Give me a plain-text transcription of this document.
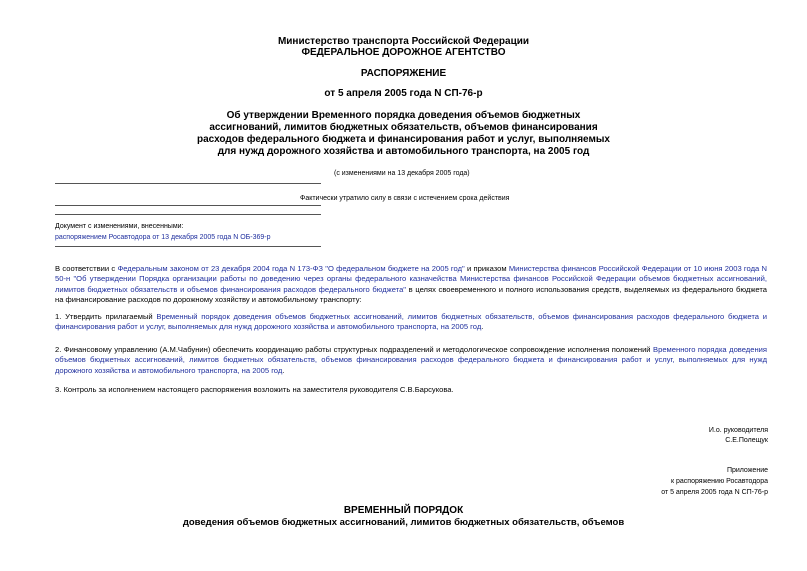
Министерство транспорта Российской Федерации
ФЕДЕРАЛЬНОЕ ДОРОЖНОЕ АГЕНТСТВО
РАСПОРЯЖЕНИЕ
от 5 апреля 2005 года N СП-76-р
Об утверждении Временного порядка доведения объемов бюджетных
ассигнований, лимитов бюджетных обязательств, объемов финансирования
расходов федерального бюджета и финансирования работ и услуг, выполняемых
для нужд дорожного хозяйства и автомобильного транспорта, на 2005 год
(с изменениями на 13 декабря 2005 года)
Фактически утратило силу в связи с истечением срока действия
Документ с изменениями, внесенными:
распоряжением Росавтодора от 13 декабря 2005 года N ОБ-369-р
В соответствии с Федеральным законом от 23 декабря 2004 года N 173-ФЗ "О федеральном бюджете на 2005 год" и приказом Министерства финансов Российской Федерации от 10 июня 2003 года N 50-н "Об утверждении Порядка организации работы по доведению через органы федерального казначейства Министерства финансов Российской Федерации объемов бюджетных ассигнований, лимитов бюджетных обязательств и объемов финансирования расходов федерального бюджета" в целях своевременного и полного использования средств, выделяемых из федерального бюджета на финансирование расходов по дорожному хозяйству и автомобильному транспорту:
1. Утвердить прилагаемый Временный порядок доведения объемов бюджетных ассигнований, лимитов бюджетных обязательств, объемов финансирования расходов федерального бюджета и финансирования работ и услуг, выполняемых для нужд дорожного хозяйства и автомобильного транспорта, на 2005 год.
2. Финансовому управлению (А.М.Чабунин) обеспечить координацию работы структурных подразделений и методологическое сопровождение исполнения положений Временного порядка доведения объемов бюджетных ассигнований, лимитов бюджетных обязательств, объемов финансирования расходов федерального бюджета и финансирования работ и услуг, выполняемых для нужд дорожного хозяйства и автомобильного транспорта, на 2005 год.
3. Контроль за исполнением настоящего распоряжения возложить на заместителя руководителя С.В.Барсукова.
И.о. руководителя
С.Е.Полещук
Приложение
к распоряжению Росавтодора
от 5 апреля 2005 года N СП-76-р
ВРЕМЕННЫЙ ПОРЯДОК
доведения объемов бюджетных ассигнований, лимитов бюджетных обязательств, объемов
